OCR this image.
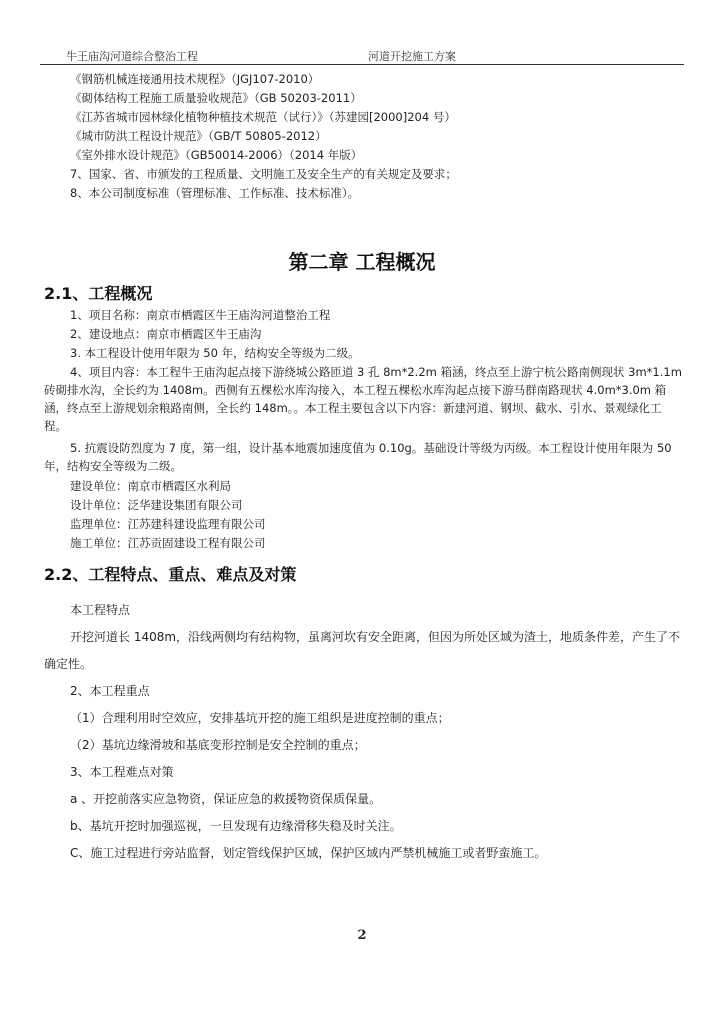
牛王庙沟河道综合整治工程	河道开挖施工方案
《钢筋机械连接通用技术规程》（JGJ107-2010）
《砌体结构工程施工质量验收规范》（GB 50203-2011）
《江苏省城市园林绿化植物种植技术规范（试行）》（苏建园[2000]204 号）
《城市防洪工程设计规范》（GB/T 50805-2012）
《室外排水设计规范》（GB50014-2006）（2014 年版）
7、国家、省、市颁发的工程质量、文明施工及安全生产的有关规定及要求；
8、本公司制度标准（管理标准、工作标准、技术标准）。
第二章 工程概况
2.1、工程概况
1、项目名称：南京市栖霞区牛王庙沟河道整治工程
2、建设地点：南京市栖霞区牛王庙沟
3. 本工程设计使用年限为 50 年，结构安全等级为二级。
4、项目内容：本工程牛王庙沟起点接下游绕城公路匝道 3 孔 8m*2.2m 箱涵，终点至上游宁杭公路南侧现状 3m*1.1m 砖砌排水沟，全长约为 1408m。西侧有五棵松水库沟接入，本工程五棵松水库沟起点接下游马群南路现状 4.0m*3.0m 箱涵，终点至上游规划余粮路南侧，全长约 148m。。本工程主要包含以下内容：新建河道、钢坝、截水、引水、景观绿化工程。
5. 抗震设防烈度为 7 度，第一组，设计基本地震加速度值为 0.10g。基础设计等级为丙级。本工程设计使用年限为 50 年，结构安全等级为二级。
建设单位：南京市栖霞区水利局
设计单位：泛华建设集团有限公司
监理单位：江苏建科建设监理有限公司
施工单位：江苏贡固建设工程有限公司
2.2、工程特点、重点、难点及对策
本工程特点
开挖河道长 1408m，沿线两侧均有结构物，虽离河坎有安全距离，但因为所处区域为渣土，地质条件差，产生了不确定性。
2、本工程重点
（1）合理利用时空效应，安排基坑开挖的施工组织是进度控制的重点；
（2）基坑边缘滑坡和基底变形控制是安全控制的重点；
3、本工程难点对策
a 、开挖前落实应急物资，保证应急的救援物资保质保量。
b、基坑开挖时加强巡视，一旦发现有边缘滑移失稳及时关注。
C、施工过程进行旁站监督，划定管线保护区域，保护区域内严禁机械施工或者野蛮施工。
2
